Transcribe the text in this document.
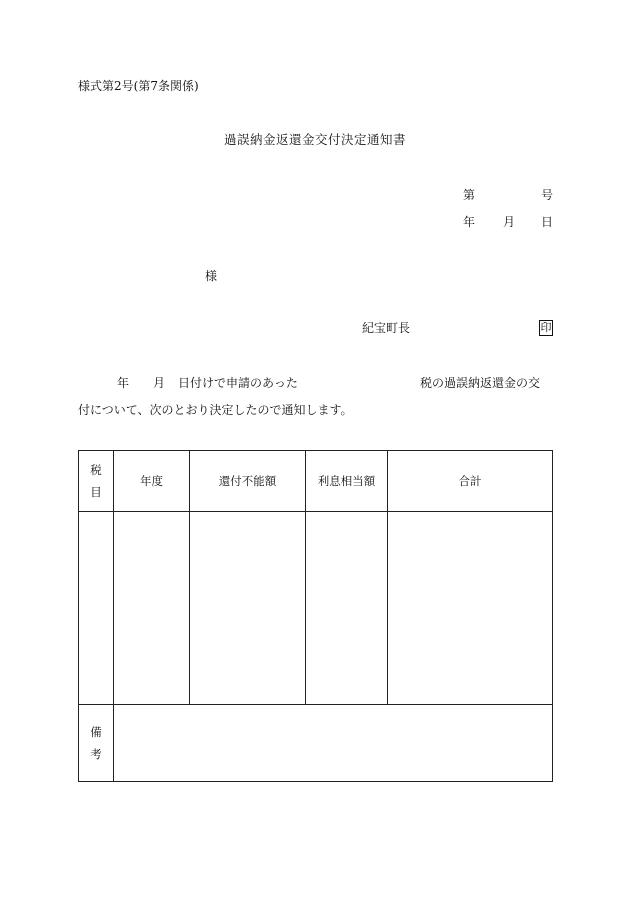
様式第2号(第7条関係)
過誤納金返還金交付決定通知書
第	号
年 月 日
様
紀宝町長	印
年 月 日付けで申請のあった	税の過誤納返還金の交
付について、次のとおり決定したので通知します。
税
目	年度	還付不能額	利息相当額	合計

備
考				
